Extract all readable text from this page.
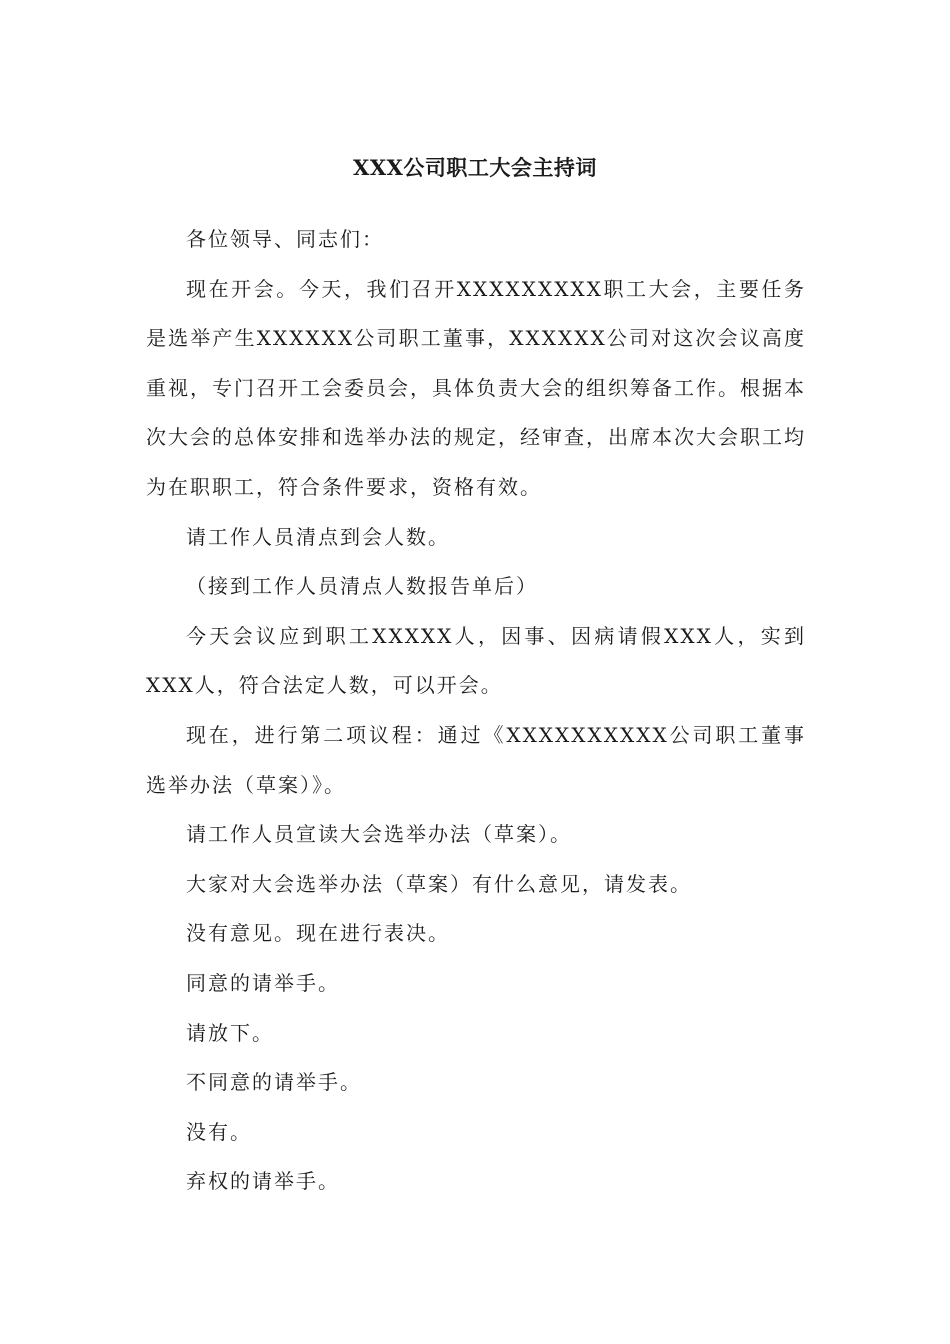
XXX公司职工大会主持词

各位领导、同志们：

现在开会。今天，我们召开XXXXXXXXX职工大会，主要任务是选举产生XXXXXX公司职工董事，XXXXXX公司对这次会议高度重视，专门召开工会委员会，具体负责大会的组织筹备工作。根据本次大会的总体安排和选举办法的规定，经审查，出席本次大会职工均为在职职工，符合条件要求，资格有效。

请工作人员清点到会人数。

（接到工作人员清点人数报告单后）

今天会议应到职工XXXXX人，因事、因病请假XXX人，实到XXX人，符合法定人数，可以开会。

现在，进行第二项议程：通过《XXXXXXXXXX公司职工董事选举办法（草案）》。

请工作人员宣读大会选举办法（草案）。

大家对大会选举办法（草案）有什么意见，请发表。

没有意见。现在进行表决。

同意的请举手。

请放下。

不同意的请举手。

没有。

弃权的请举手。
